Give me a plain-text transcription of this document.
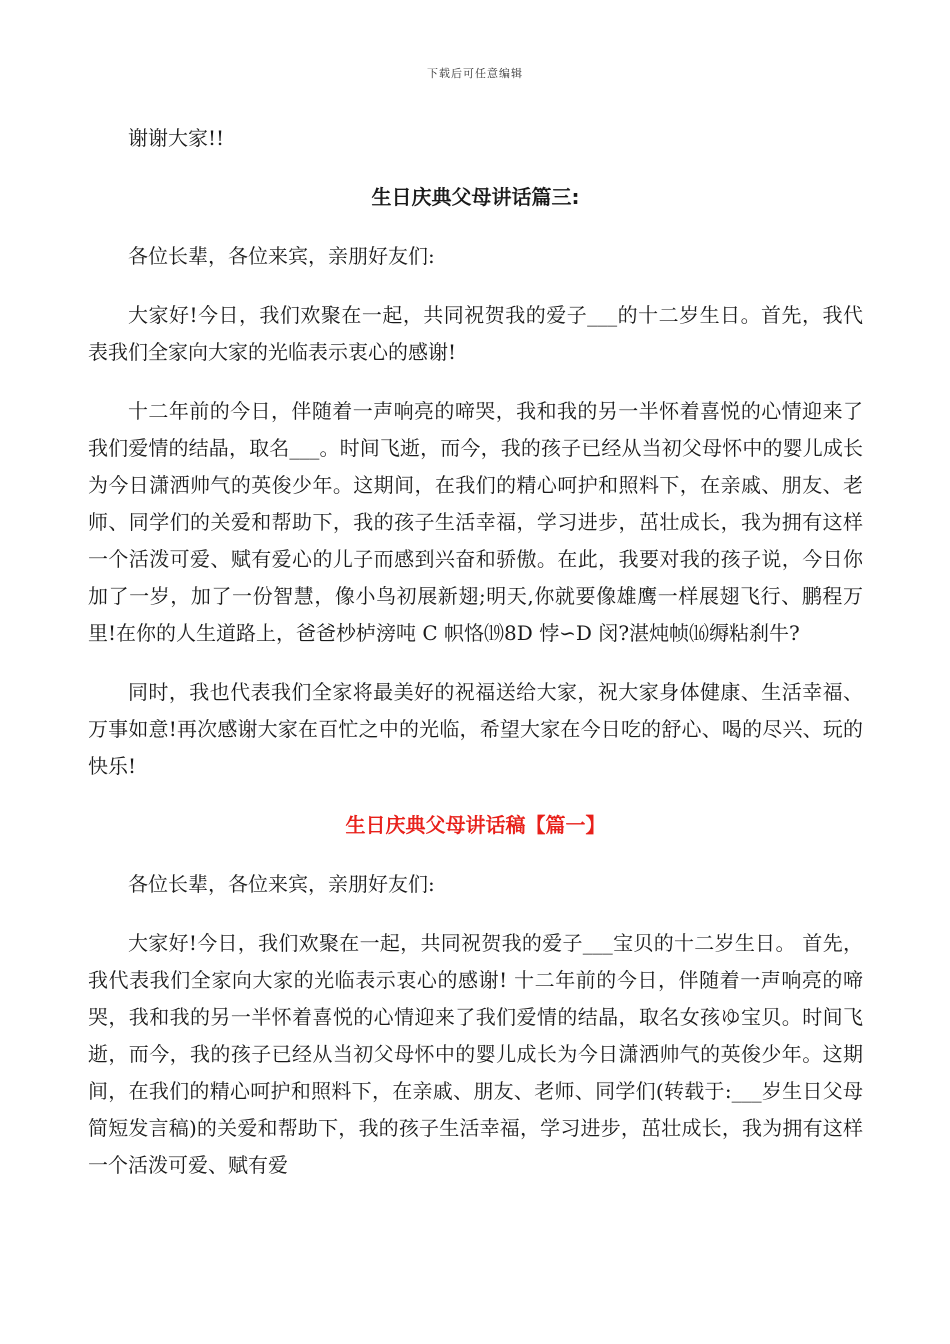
下载后可任意编辑

谢谢大家!!

生日庆典父母讲话篇三:

各位长辈，各位来宾，亲朋好友们:

大家好!今日，我们欢聚在一起，共同祝贺我的爱子___的十二岁生日。首先，我代表我们全家向大家的光临表示衷心的感谢!

十二年前的今日，伴随着一声响亮的啼哭，我和我的另一半怀着喜悦的心情迎来了我们爱情的结晶，取名___。时间飞逝，而今，我的孩子已经从当初父母怀中的婴儿成长为今日潇洒帅气的英俊少年。这期间，在我们的精心呵护和照料下，在亲戚、朋友、老师、同学们的关爱和帮助下，我的孩子生活幸福，学习进步，茁壮成长，我为拥有这样一个活泼可爱、赋有爱心的儿子而感到兴奋和骄傲。在此，我要对我的孩子说，今日你加了一岁，加了一份智慧，像小鸟初展新翅;明天,你就要像雄鹰一样展翅飞行、鹏程万里!在你的人生道路上，爸爸杪栌滂吨 C 帜恪⒆8D 悖∽D 闵?湛炖帧⒃缛粘刹牛?

同时，我也代表我们全家将最美好的祝福送给大家，祝大家身体健康、生活幸福、万事如意!再次感谢大家在百忙之中的光临，希望大家在今日吃的舒心、喝的尽兴、玩的快乐!

生日庆典父母讲话稿【篇一】

各位长辈，各位来宾，亲朋好友们:

大家好!今日，我们欢聚在一起，共同祝贺我的爱子___宝贝的十二岁生日。 首先，我代表我们全家向大家的光临表示衷心的感谢! 十二年前的今日，伴随着一声响亮的啼哭，我和我的另一半怀着喜悦的心情迎来了我们爱情的结晶，取名女孩ゆ宝贝。时间飞逝，而今，我的孩子已经从当初父母怀中的婴儿成长为今日潇洒帅气的英俊少年。这期间，在我们的精心呵护和照料下，在亲戚、朋友、老师、同学们(转载于:___岁生日父母简短发言稿)的关爱和帮助下，我的孩子生活幸福，学习进步，茁壮成长，我为拥有这样一个活泼可爱、赋有爱
